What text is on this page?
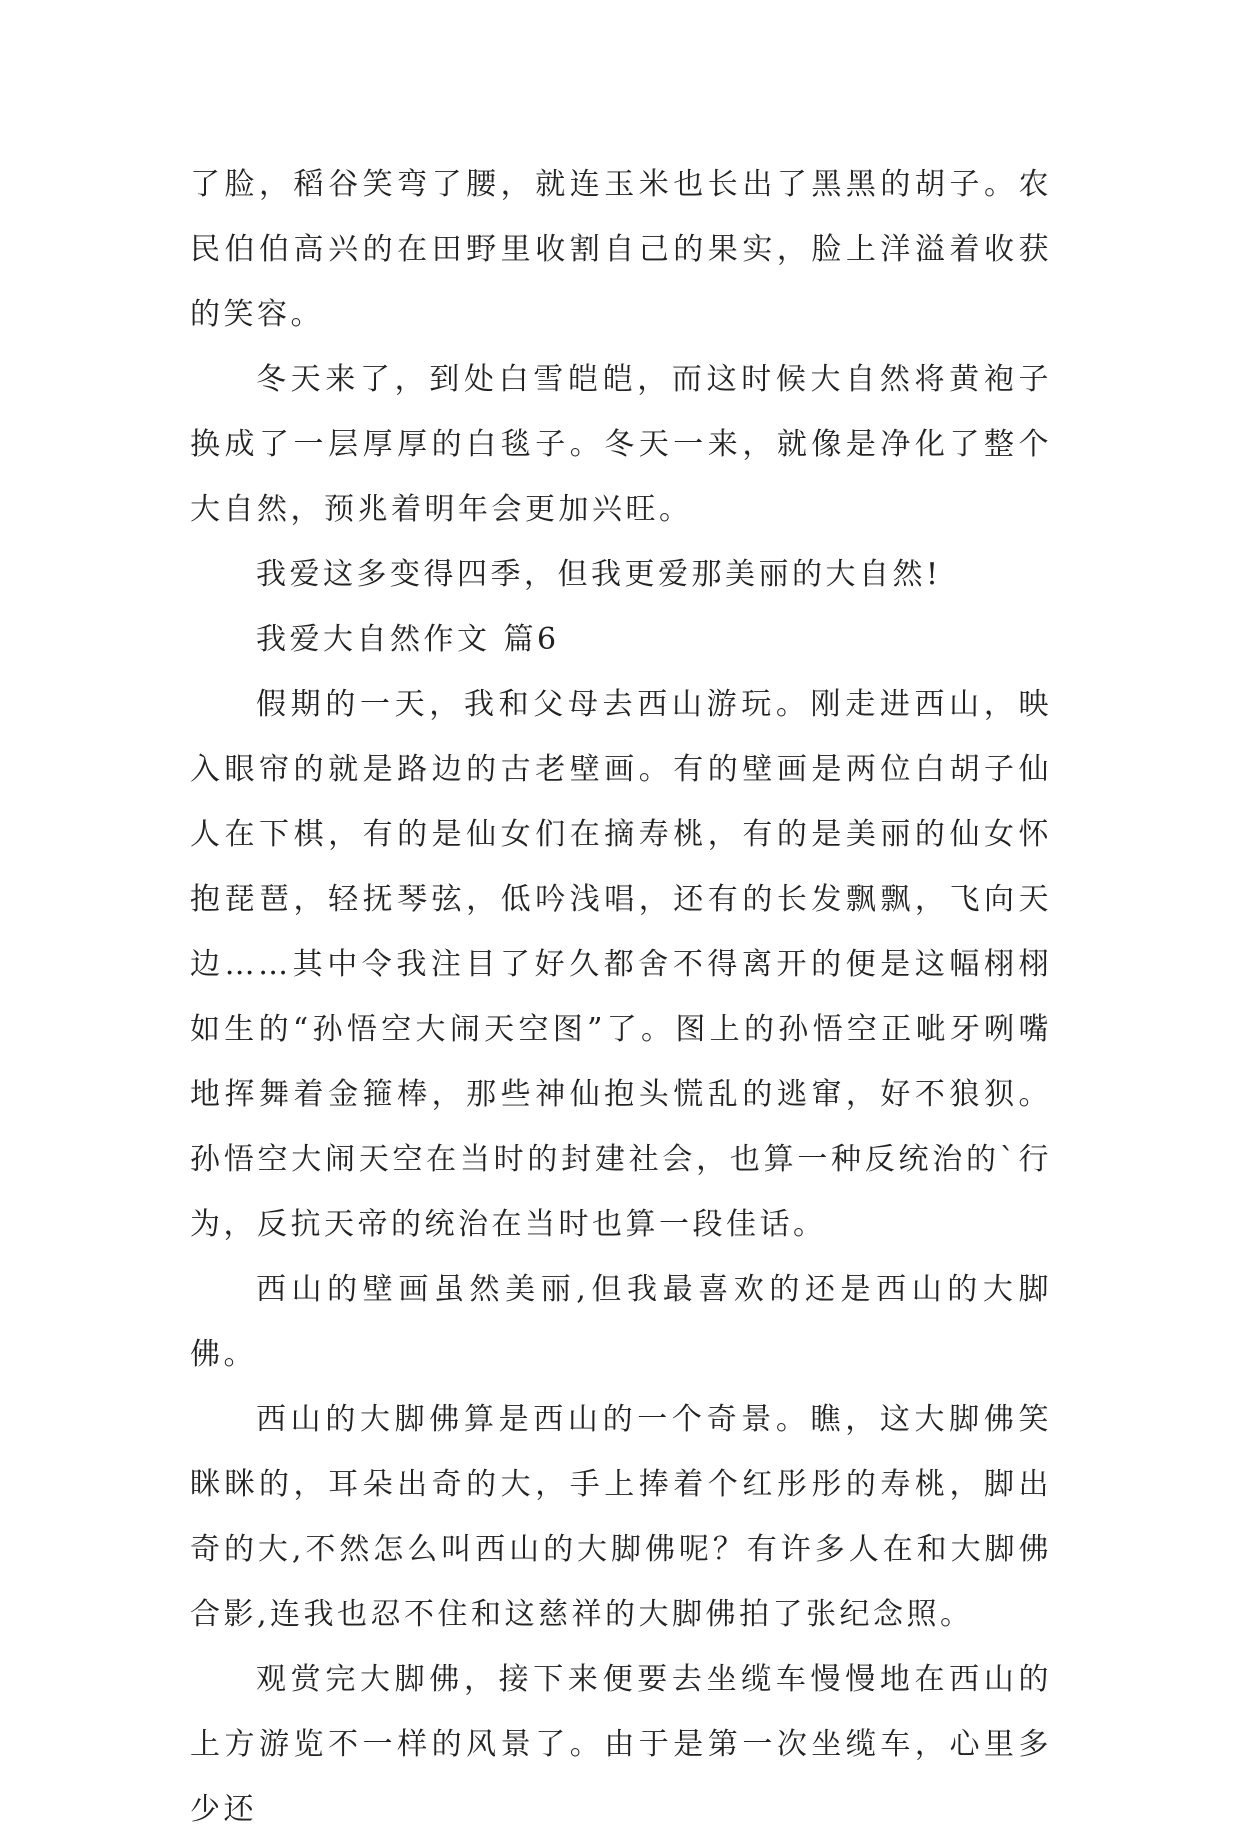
了脸，稻谷笑弯了腰，就连玉米也长出了黑黑的胡子。农民伯伯高兴的在田野里收割自己的果实，脸上洋溢着收获的笑容。

冬天来了，到处白雪皑皑，而这时候大自然将黄袍子换成了一层厚厚的白毯子。冬天一来，就像是净化了整个大自然，预兆着明年会更加兴旺。

我爱这多变得四季，但我更爱那美丽的大自然!

我爱大自然作文 篇6

假期的一天，我和父母去西山游玩。刚走进西山，映入眼帘的就是路边的古老壁画。有的壁画是两位白胡子仙人在下棋，有的是仙女们在摘寿桃，有的是美丽的仙女怀抱琵琶，轻抚琴弦，低吟浅唱，还有的长发飘飘，飞向天边……其中令我注目了好久都舍不得离开的便是这幅栩栩如生的“孙悟空大闹天空图”了。图上的孙悟空正呲牙咧嘴地挥舞着金箍棒，那些神仙抱头慌乱的逃窜，好不狼狈。孙悟空大闹天空在当时的封建社会，也算一种反统治的`行为，反抗天帝的统治在当时也算一段佳话。

西山的壁画虽然美丽,但我最喜欢的还是西山的大脚佛。

西山的大脚佛算是西山的一个奇景。瞧，这大脚佛笑眯眯的，耳朵出奇的大，手上捧着个红彤彤的寿桃，脚出奇的大,不然怎么叫西山的大脚佛呢？有许多人在和大脚佛合影,连我也忍不住和这慈祥的大脚佛拍了张纪念照。

观赏完大脚佛，接下来便要去坐缆车慢慢地在西山的上方游览不一样的风景了。由于是第一次坐缆车，心里多少还
